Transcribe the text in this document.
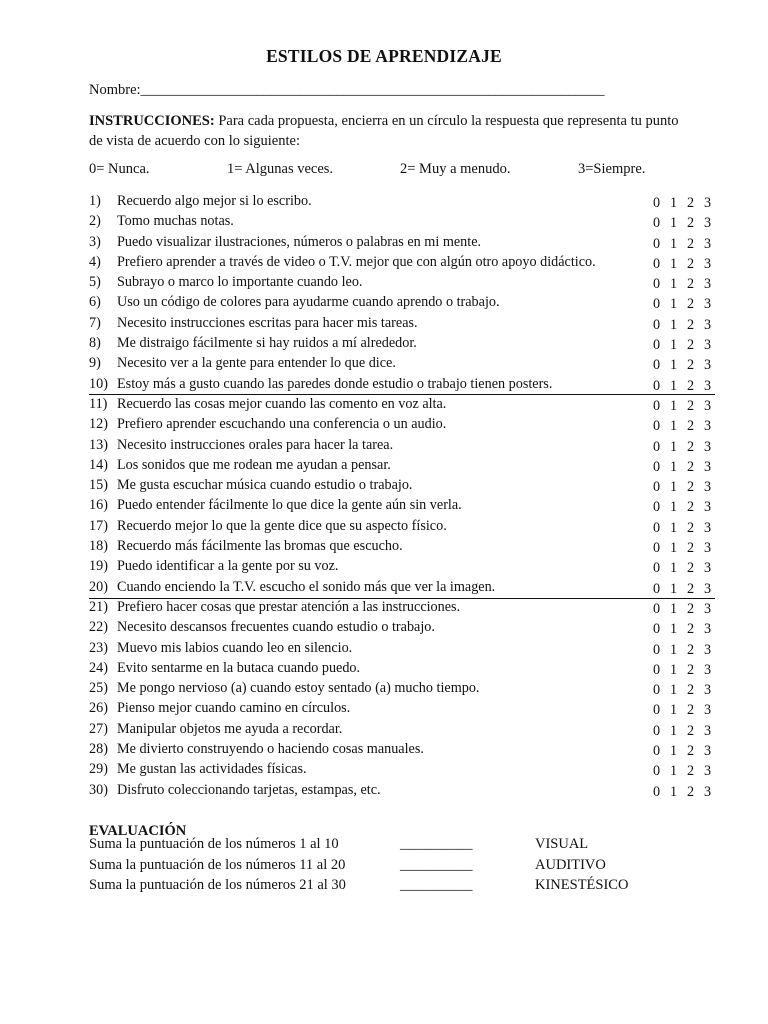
ESTILOS DE APRENDIZAJE
Nombre:________________________________________________________________
INSTRUCCIONES: Para cada propuesta, encierra en un círculo la respuesta que representa tu punto de vista de acuerdo con lo siguiente:
0= Nunca.	1= Algunas veces.	2= Muy a menudo.	3=Siempre.
1) Recuerdo algo mejor si lo escribo.	0 1 2 3
2) Tomo muchas notas.	0 1 2 3
3) Puedo visualizar ilustraciones, números o palabras en mi mente.	0 1 2 3
4) Prefiero aprender a través de video o T.V. mejor que con algún otro apoyo didáctico.	0 1 2 3
5) Subrayo o marco lo importante cuando leo.	0 1 2 3
6) Uso un código de colores para ayudarme cuando aprendo o trabajo.	0 1 2 3
7) Necesito instrucciones escritas para hacer mis tareas.	0 1 2 3
8) Me distraigo fácilmente si hay ruidos a mí alrededor.	0 1 2 3
9) Necesito ver a la gente para entender lo que dice.	0 1 2 3
10) Estoy más a gusto cuando las paredes donde estudio o trabajo tienen posters.	0 1 2 3
11) Recuerdo las cosas mejor cuando las comento en voz alta.	0 1 2 3
12) Prefiero aprender escuchando una conferencia o un audio.	0 1 2 3
13) Necesito instrucciones orales para hacer la tarea.	0 1 2 3
14) Los sonidos que me rodean me ayudan a pensar.	0 1 2 3
15) Me gusta escuchar música cuando estudio o trabajo.	0 1 2 3
16) Puedo entender fácilmente lo que dice la gente aún sin verla.	0 1 2 3
17) Recuerdo mejor lo que la gente dice que su aspecto físico.	0 1 2 3
18) Recuerdo más fácilmente las bromas que escucho.	0 1 2 3
19) Puedo identificar a la gente por su voz.	0 1 2 3
20) Cuando enciendo la T.V. escucho el sonido más que ver la imagen.	0 1 2 3
21) Prefiero hacer cosas que prestar atención a las instrucciones.	0 1 2 3
22) Necesito descansos frecuentes cuando estudio o trabajo.	0 1 2 3
23) Muevo mis labios cuando leo en silencio.	0 1 2 3
24) Evito sentarme en la butaca cuando puedo.	0 1 2 3
25) Me pongo nervioso (a) cuando estoy sentado (a) mucho tiempo.	0 1 2 3
26) Pienso mejor cuando camino en círculos.	0 1 2 3
27) Manipular objetos me ayuda a recordar.	0 1 2 3
28) Me divierto construyendo o haciendo cosas manuales.	0 1 2 3
29) Me gustan las actividades físicas.	0 1 2 3
30) Disfruto coleccionando tarjetas, estampas, etc.	0 1 2 3
EVALUACIÓN
Suma la puntuación de los números 1 al 10	__________	VISUAL
Suma la puntuación de los números 11 al 20	__________	AUDITIVO
Suma la puntuación de los números 21 al 30	__________	KINESTÉSICO
